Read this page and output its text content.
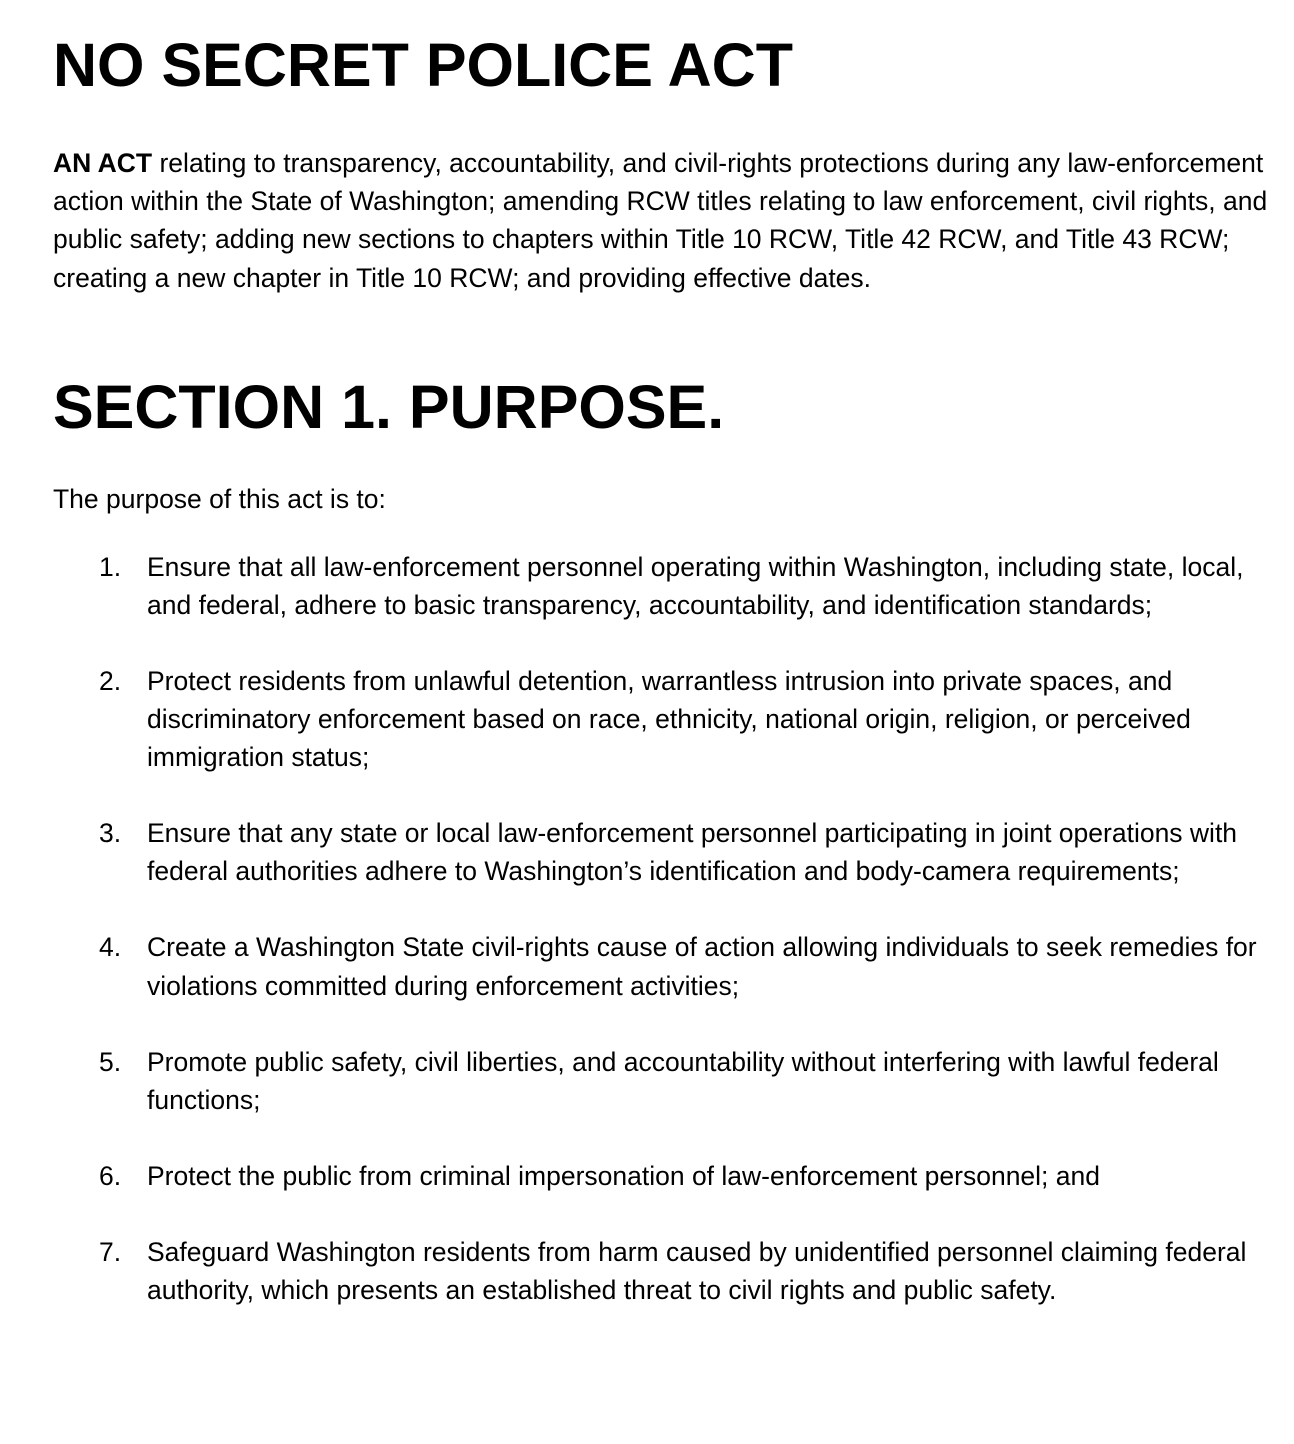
NO SECRET POLICE ACT

AN ACT relating to transparency, accountability, and civil-rights protections during any law-enforcement action within the State of Washington; amending RCW titles relating to law enforcement, civil rights, and public safety; adding new sections to chapters within Title 10 RCW, Title 42 RCW, and Title 43 RCW; creating a new chapter in Title 10 RCW; and providing effective dates.

SECTION 1. PURPOSE.

The purpose of this act is to:

1. Ensure that all law-enforcement personnel operating within Washington, including state, local, and federal, adhere to basic transparency, accountability, and identification standards;
2. Protect residents from unlawful detention, warrantless intrusion into private spaces, and discriminatory enforcement based on race, ethnicity, national origin, religion, or perceived immigration status;
3. Ensure that any state or local law-enforcement personnel participating in joint operations with federal authorities adhere to Washington’s identification and body-camera requirements;
4. Create a Washington State civil-rights cause of action allowing individuals to seek remedies for violations committed during enforcement activities;
5. Promote public safety, civil liberties, and accountability without interfering with lawful federal functions;
6. Protect the public from criminal impersonation of law-enforcement personnel; and
7. Safeguard Washington residents from harm caused by unidentified personnel claiming federal authority, which presents an established threat to civil rights and public safety.
